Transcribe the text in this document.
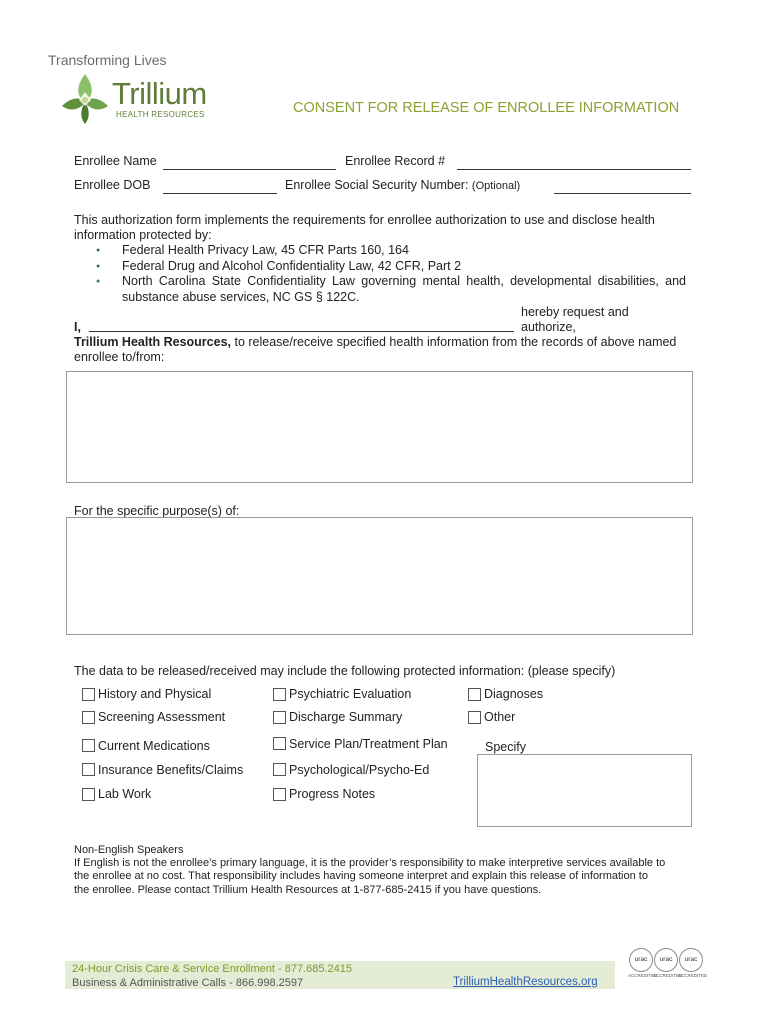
Transforming Lives
Trillium
HEALTH RESOURCES	CONSENT FOR RELEASE OF ENROLLEE INFORMATION
Enrollee Name	Enrollee Record #
Enrollee DOB	Enrollee Social Security Number: (Optional)
This authorization form implements the requirements for enrollee authorization to use and disclose health
information protected by:
● Federal Health Privacy Law, 45 CFR Parts 160, 164
● Federal Drug and Alcohol Confidentiality Law, 42 CFR, Part 2
● North Carolina State Confidentiality Law governing mental health, developmental disabilities, and substance abuse services, NC GS § 122C.
hereby request and
I,	authorize,
Trillium Health Resources, to release/receive specified health information from the records of above named
enrollee to/from:
For the specific purpose(s) of:
The data to be released/received may include the following protected information: (please specify)
History and Physical
Screening Assessment
Current Medications
Insurance Benefits/Claims
Lab Work
Psychiatric Evaluation
Discharge Summary
Service Plan/Treatment Plan
Psychological/Psycho-Ed
Progress Notes
Diagnoses
Other
Specify
Non-English Speakers
If English is not the enrollee’s primary language, it is the provider’s responsibility to make interpretive services available to
the enrollee at no cost. That responsibility includes having someone interpret and explain this release of information to
the enrollee. Please contact Trillium Health Resources at 1-877-685-2415 if you have questions.
24-Hour Crisis Care & Service Enrollment - 877.685.2415
Business & Administrative Calls - 866.998.2597	TrilliumHealthResources.org
urac
ACCREDITED
urac
ACCREDITED
urac
ACCREDITED
